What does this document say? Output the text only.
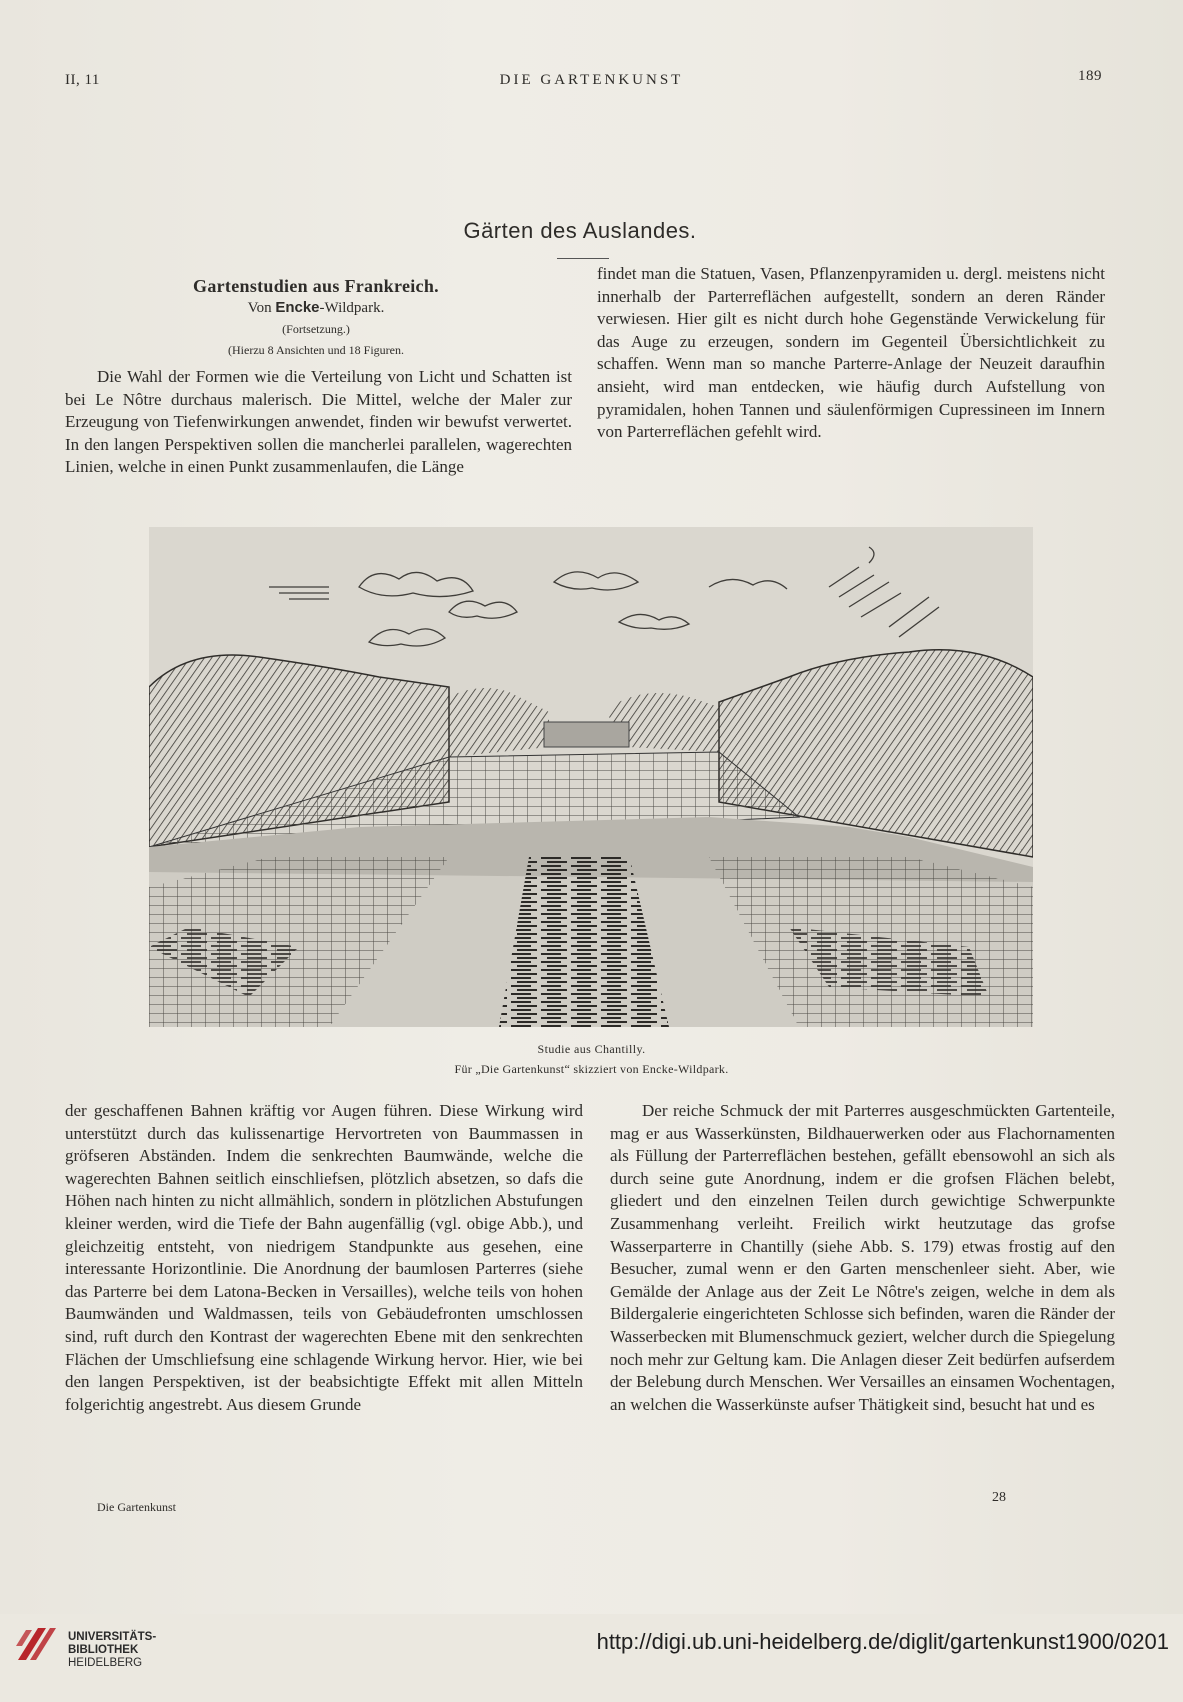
II, 11	DIE GARTENKUNST	189
Gärten des Auslandes.
Gartenstudien aus Frankreich.
Von Encke-Wildpark.
(Fortsetzung.)
(Hierzu 8 Ansichten und 18 Figuren.

Die Wahl der Formen wie die Verteilung von Licht und Schatten ist bei Le Nôtre durchaus malerisch. Die Mittel, welche der Maler zur Erzeugung von Tiefenwirkungen anwendet, finden wir bewufst verwertet. In den langen Perspektiven sollen die mancherlei parallelen, wagerechten Linien, welche in einen Punkt zusammenlaufen, die Länge

findet man die Statuen, Vasen, Pflanzenpyramiden u. dergl. meistens nicht innerhalb der Parterreflächen aufgestellt, sondern an deren Ränder verwiesen. Hier gilt es nicht durch hohe Gegenstände Verwickelung für das Auge zu erzeugen, sondern im Gegenteil Übersichtlichkeit zu schaffen. Wenn man so manche Parterre-Anlage der Neuzeit daraufhin ansieht, wird man entdecken, wie häufig durch Aufstellung von pyramidalen, hohen Tannen und säulenförmigen Cupressineen im Innern von Parterreflächen gefehlt wird.

Studie aus Chantilly.
Für „Die Gartenkunst“ skizziert von Encke-Wildpark.

der geschaffenen Bahnen kräftig vor Augen führen. Diese Wirkung wird unterstützt durch das kulissenartige Hervortreten von Baummassen in gröfseren Abständen. Indem die senkrechten Baumwände, welche die wagerechten Bahnen seitlich einschliefsen, plötzlich absetzen, so dafs die Höhen nach hinten zu nicht allmählich, sondern in plötzlichen Abstufungen kleiner werden, wird die Tiefe der Bahn augenfällig (vgl. obige Abb.), und gleichzeitig entsteht, von niedrigem Standpunkte aus gesehen, eine interessante Horizontlinie. Die Anordnung der baumlosen Parterres (siehe das Parterre bei dem Latona-Becken in Versailles), welche teils von hohen Baumwänden und Waldmassen, teils von Gebäudefronten umschlossen sind, ruft durch den Kontrast der wagerechten Ebene mit den senkrechten Flächen der Umschliefsung eine schlagende Wirkung hervor. Hier, wie bei den langen Perspektiven, ist der beabsichtigte Effekt mit allen Mitteln folgerichtig angestrebt. Aus diesem Grunde

Der reiche Schmuck der mit Parterres ausgeschmückten Gartenteile, mag er aus Wasserkünsten, Bildhauerwerken oder aus Flachornamenten als Füllung der Parterreflächen bestehen, gefällt ebensowohl an sich als durch seine gute Anordnung, indem er die grofsen Flächen belebt, gliedert und den einzelnen Teilen durch gewichtige Schwerpunkte Zusammenhang verleiht. Freilich wirkt heutzutage das grofse Wasserparterre in Chantilly (siehe Abb. S. 179) etwas frostig auf den Besucher, zumal wenn er den Garten menschenleer sieht. Aber, wie Gemälde der Anlage aus der Zeit Le Nôtre's zeigen, welche in dem als Bildergalerie eingerichteten Schlosse sich befinden, waren die Ränder der Wasserbecken mit Blumenschmuck geziert, welcher durch die Spiegelung noch mehr zur Geltung kam. Die Anlagen dieser Zeit bedürfen aufserdem der Belebung durch Menschen. Wer Versailles an einsamen Wochentagen, an welchen die Wasserkünste aufser Thätigkeit sind, besucht hat und es

Die Gartenkunst
28
UNIVERSITÄTS-
BIBLIOTHEK
HEIDELBERG
http://digi.ub.uni-heidelberg.de/diglit/gartenkunst1900/0201
